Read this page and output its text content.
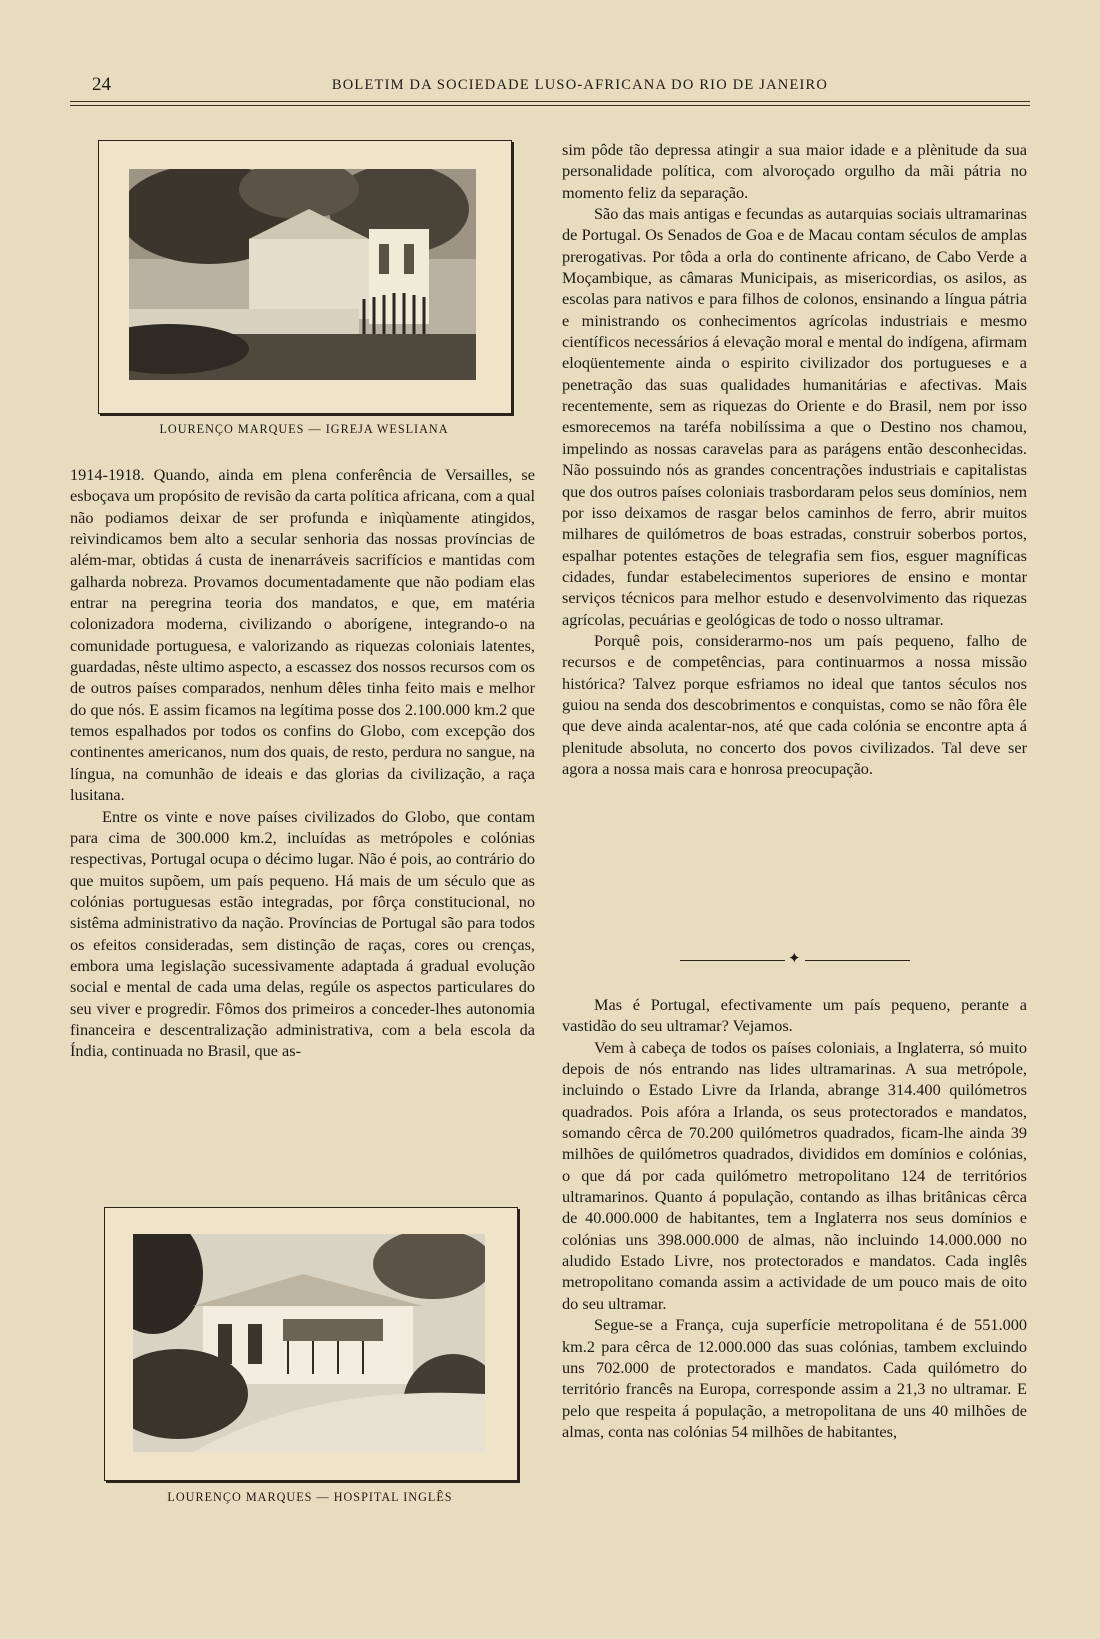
24	BOLETIM DA SOCIEDADE LUSO-AFRICANA DO RIO DE JANEIRO
LOURENÇO MARQUES — IGREJA WESLIANA

1914-1918. Quando, ainda em plena conferência de Versailles, se esboçava um propósito de revisão da carta política africana, com a qual não podiamos deixar de ser profunda e inìqùamente atingidos, reìvindicamos bem alto a secular senhoria das nossas províncias de além-mar, obtidas á custa de inenarráveis sacrifícios e mantidas com galharda nobreza. Provamos documentadamente que não podiam elas entrar na peregrina teoria dos mandatos, e que, em matéria colonizadora moderna, civilizando o aborígene, integrando-o na comunidade portuguesa, e valorizando as riquezas coloniais latentes, guardadas, nêste ultimo aspecto, a escassez dos nossos recursos com os de outros países comparados, nenhum dêles tinha feito mais e melhor do que nós. E assim ficamos na legítima posse dos 2.100.000 km.2 que temos espalhados por todos os confins do Globo, com excepção dos continentes americanos, num dos quais, de resto, perdura no sangue, na língua, na comunhão de ideais e das glorias da civilização, a raça lusitana.

Entre os vinte e nove países civilizados do Globo, que contam para cima de 300.000 km.2, incluídas as metrópoles e colónias respectivas, Portugal ocupa o décimo lugar. Não é pois, ao contrário do que muitos supõem, um país pequeno. Há mais de um século que as colónias portuguesas estão integradas, por fôrça constitucional, no sistêma administrativo da nação. Províncias de Portugal são para todos os efeitos consideradas, sem distinção de raças, cores ou crenças, embora uma legislação sucessivamente adaptada á gradual evolução social e mental de cada uma delas, regúle os aspectos particulares do seu viver e progredir. Fômos dos primeiros a conceder-lhes autonomia financeira e descentralização administrativa, com a bela escola da Índia, continuada no Brasil, que as-

LOURENÇO MARQUES — HOSPITAL INGLÊS

sim pôde tão depressa atingir a sua maior idade e a plènitude da sua personalidade política, com alvoroçado orgulho da mãi pátria no momento feliz da separação.

São das mais antigas e fecundas as autarquias sociais ultramarinas de Portugal. Os Senados de Goa e de Macau contam séculos de amplas prerogativas. Por tôda a orla do continente africano, de Cabo Verde a Moçambique, as câmaras Municipais, as misericordias, os asilos, as escolas para nativos e para filhos de colonos, ensinando a língua pátria e ministrando os conhecimentos agrícolas industriais e mesmo científicos necessários á elevação moral e mental do indígena, afirmam eloqüentemente ainda o espirito civilizador dos portugueses e a penetração das suas qualidades humanitárias e afectivas. Mais recentemente, sem as riquezas do Oriente e do Brasil, nem por isso esmorecemos na taréfa nobilíssima a que o Destino nos chamou, impelindo as nossas caravelas para as parágens então desconhecidas. Não possuindo nós as grandes concentrações industriais e capitalistas que dos outros países coloniais trasbordaram pelos seus domínios, nem por isso deixamos de rasgar belos caminhos de ferro, abrir muitos milhares de quilómetros de boas estradas, construir soberbos portos, espalhar potentes estações de telegrafia sem fios, esguer magníficas cidades, fundar estabelecimentos superiores de ensino e montar serviços técnicos para melhor estudo e desenvolvimento das riquezas agrícolas, pecuárias e geológicas de todo o nosso ultramar.

Porquê pois, considerarmo-nos um país pequeno, falho de recursos e de competências, para continuarmos a nossa missão histórica? Talvez porque esfriamos no ideal que tantos séculos nos guiou na senda dos descobrimentos e conquistas, como se não fôra êle que deve ainda acalentar-nos, até que cada colónia se encontre apta á plenitude absoluta, no concerto dos povos civilizados. Tal deve ser agora a nossa mais cara e honrosa preocupação.

✦

Mas é Portugal, efectivamente um país pequeno, perante a vastidão do seu ultramar? Vejamos.

Vem à cabeça de todos os países coloniais, a Inglaterra, só muito depois de nós entrando nas lides ultramarinas. A sua metrópole, incluindo o Estado Livre da Irlanda, abrange 314.400 quilómetros quadrados. Pois afóra a Irlanda, os seus protectorados e mandatos, somando cêrca de 70.200 quilómetros quadrados, ficam-lhe ainda 39 milhões de quilómetros quadrados, divididos em domínios e colónias, o que dá por cada quilómetro metropolitano 124 de territórios ultramarinos. Quanto á população, contando as ilhas britânicas cêrca de 40.000.000 de habitantes, tem a Inglaterra nos seus domínios e colónias uns 398.000.000 de almas, não incluindo 14.000.000 no aludido Estado Livre, nos protectorados e mandatos. Cada inglês metropolitano comanda assim a actividade de um pouco mais de oito do seu ultramar.

Segue-se a França, cuja superfície metropolitana é de 551.000 km.2 para cêrca de 12.000.000 das suas colónias, tambem excluindo uns 702.000 de protectorados e mandatos. Cada quilómetro do território francês na Europa, corresponde assim a 21,3 no ultramar. E pelo que respeita á população, a metropolitana de uns 40 milhões de almas, conta nas colónias 54 milhões de habitantes,
